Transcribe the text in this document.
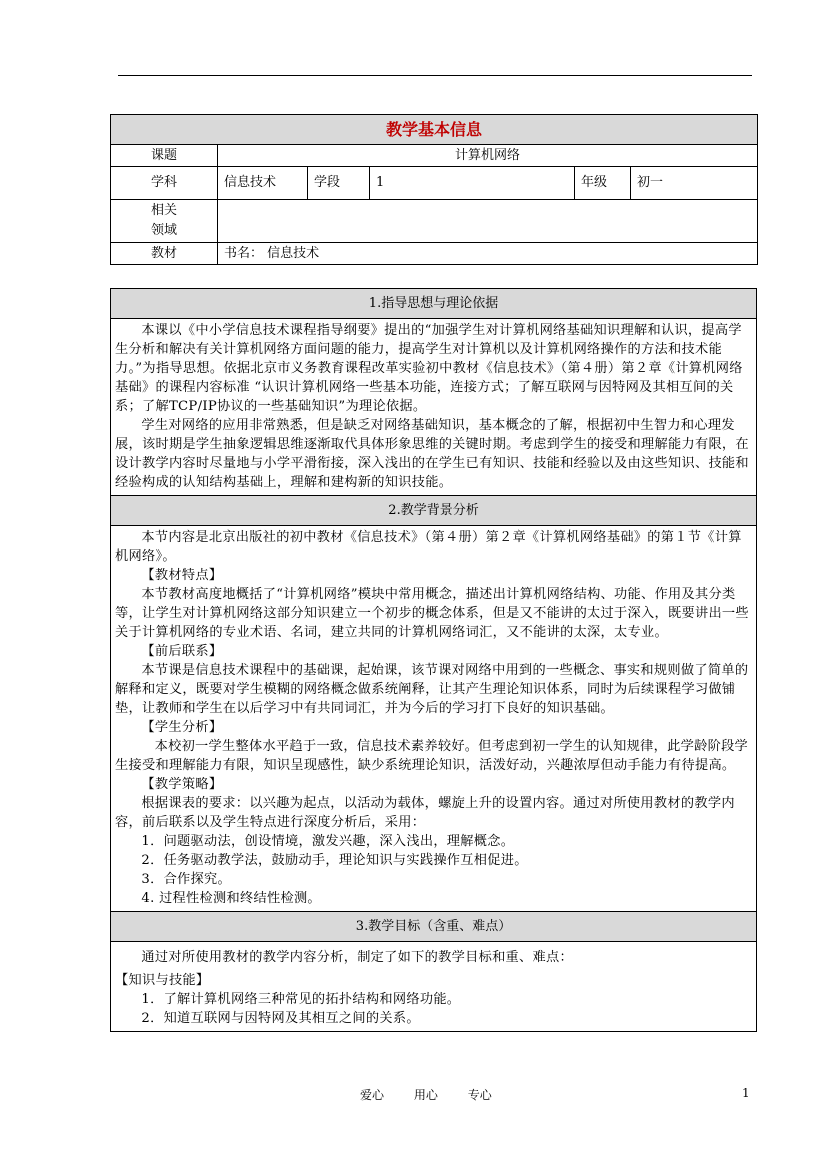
教学基本信息					
课题	计算机网络				
学科	信息技术	学段	1	年级	初一
相关
领域					
教材	书名： 信息技术				
1.指导思想与理论依据

本课以《中小学信息技术课程指导纲要》提出的“加强学生对计算机网络基础知识理解和认识，提高学生分析和解决有关计算机网络方面问题的能力，提高学生对计算机以及计算机网络操作的方法和技术能力。”为指导思想。依据北京市义务教育课程改革实验初中教材《信息技术》（第４册）第２章《计算机网络基础》的课程内容标准 “认识计算机网络一些基本功能，连接方式；了解互联网与因特网及其相互间的关系；了解TCP/IP协议的一些基础知识”为理论依据。

学生对网络的应用非常熟悉，但是缺乏对网络基础知识，基本概念的了解，根据初中生智力和心理发展，该时期是学生抽象逻辑思维逐渐取代具体形象思维的关键时期。考虑到学生的接受和理解能力有限，在设计教学内容时尽量地与小学平滑衔接，深入浅出的在学生已有知识、技能和经验以及由这些知识、技能和经验构成的认知结构基础上，理解和建构新的知识技能。

2.教学背景分析

本节内容是北京出版社的初中教材《信息技术》（第４册）第２章《计算机网络基础》的第１节《计算机网络》。

【教材特点】

本节教材高度地概括了“计算机网络”模块中常用概念，描述出计算机网络结构、功能、作用及其分类等，让学生对计算机网络这部分知识建立一个初步的概念体系，但是又不能讲的太过于深入，既要讲出一些关于计算机网络的专业术语、名词，建立共同的计算机网络词汇，又不能讲的太深，太专业。

【前后联系】

本节课是信息技术课程中的基础课，起始课，该节课对网络中用到的一些概念、事实和规则做了简单的解释和定义，既要对学生模糊的网络概念做系统阐释，让其产生理论知识体系，同时为后续课程学习做铺垫，让教师和学生在以后学习中有共同词汇，并为今后的学习打下良好的知识基础。

【学生分析】

本校初一学生整体水平趋于一致，信息技术素养较好。但考虑到初一学生的认知规律，此学龄阶段学生接受和理解能力有限，知识呈现感性，缺少系统理论知识，活泼好动，兴趣浓厚但动手能力有待提高。

【教学策略】

根据课表的要求：以兴趣为起点，以活动为载体，螺旋上升的设置内容。通过对所使用教材的教学内容，前后联系以及学生特点进行深度分析后，采用：

1．问题驱动法，创设情境，激发兴趣，深入浅出，理解概念。

2．任务驱动教学法，鼓励动手，理论知识与实践操作互相促进。

3．合作探究。

4. 过程性检测和终结性检测。

3.教学目标（含重、难点）

通过对所使用教材的教学内容分析，制定了如下的教学目标和重、难点：

【知识与技能】

1．了解计算机网络三种常见的拓扑结构和网络功能。

2．知道互联网与因特网及其相互之间的关系。

爱心 用心 专心	1
